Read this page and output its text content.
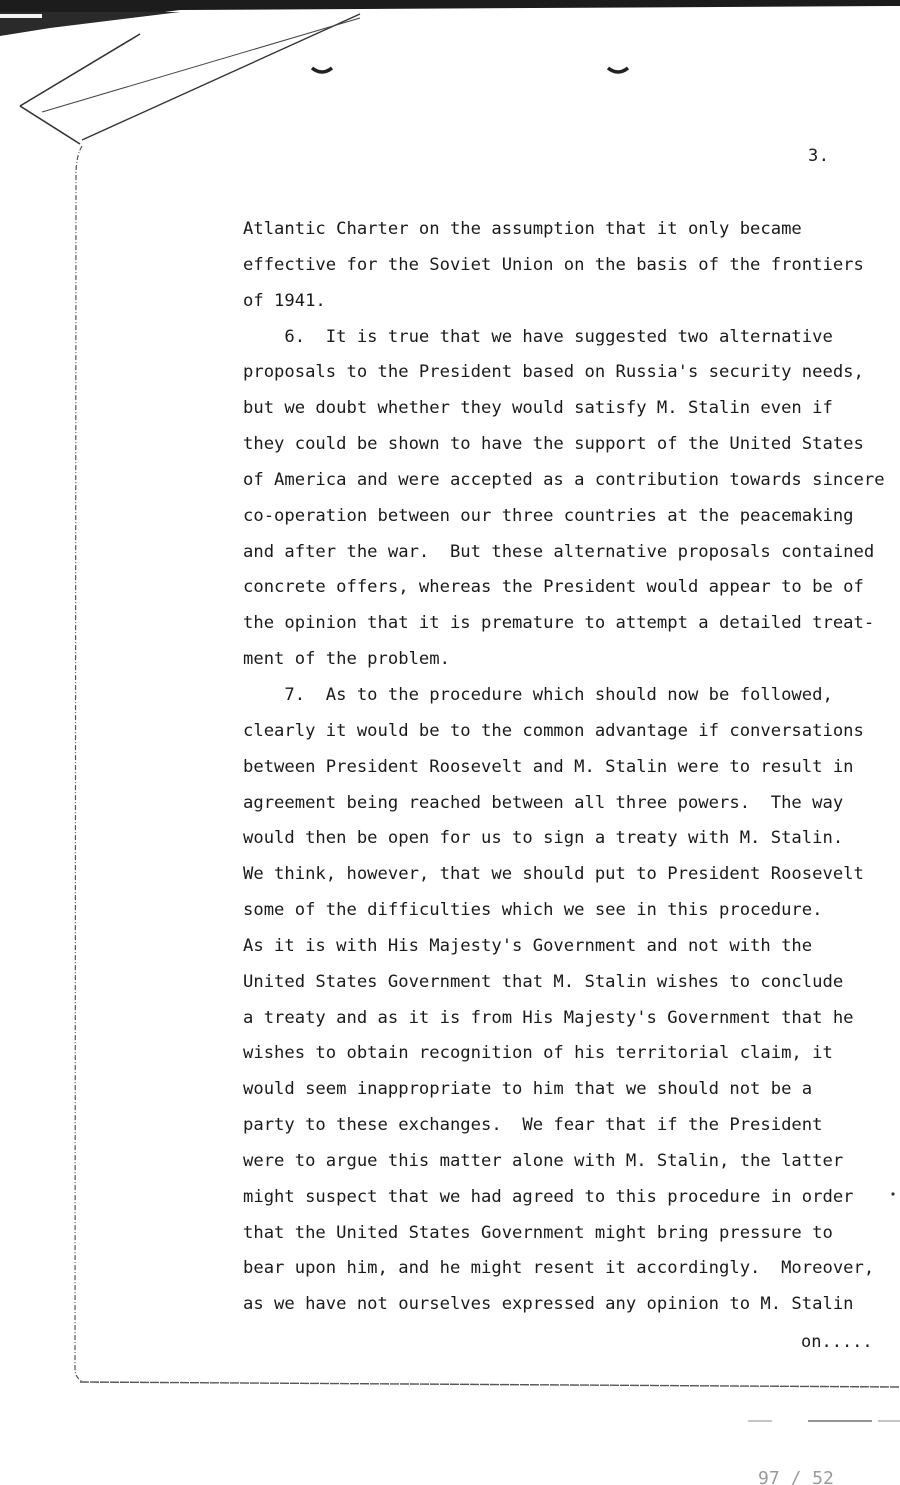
3.
Atlantic Charter on the assumption that it only became
effective for the Soviet Union on the basis of the frontiers
of 1941.
6.  It is true that we have suggested two alternative
proposals to the President based on Russia's security needs,
but we doubt whether they would satisfy M. Stalin even if
they could be shown to have the support of the United States
of America and were accepted as a contribution towards sincere
co-operation between our three countries at the peacemaking
and after the war.  But these alternative proposals contained
concrete offers, whereas the President would appear to be of
the opinion that it is premature to attempt a detailed treat-
ment of the problem.
7.  As to the procedure which should now be followed,
clearly it would be to the common advantage if conversations
between President Roosevelt and M. Stalin were to result in
agreement being reached between all three powers.  The way
would then be open for us to sign a treaty with M. Stalin.
We think, however, that we should put to President Roosevelt
some of the difficulties which we see in this procedure.
As it is with His Majesty's Government and not with the
United States Government that M. Stalin wishes to conclude
a treaty and as it is from His Majesty's Government that he
wishes to obtain recognition of his territorial claim, it
would seem inappropriate to him that we should not be a
party to these exchanges.  We fear that if the President
were to argue this matter alone with M. Stalin, the latter
might suspect that we had agreed to this procedure in order
that the United States Government might bring pressure to
bear upon him, and he might resent it accordingly.  Moreover,
as we have not ourselves expressed any opinion to M. Stalin
on.....
97 / 52
